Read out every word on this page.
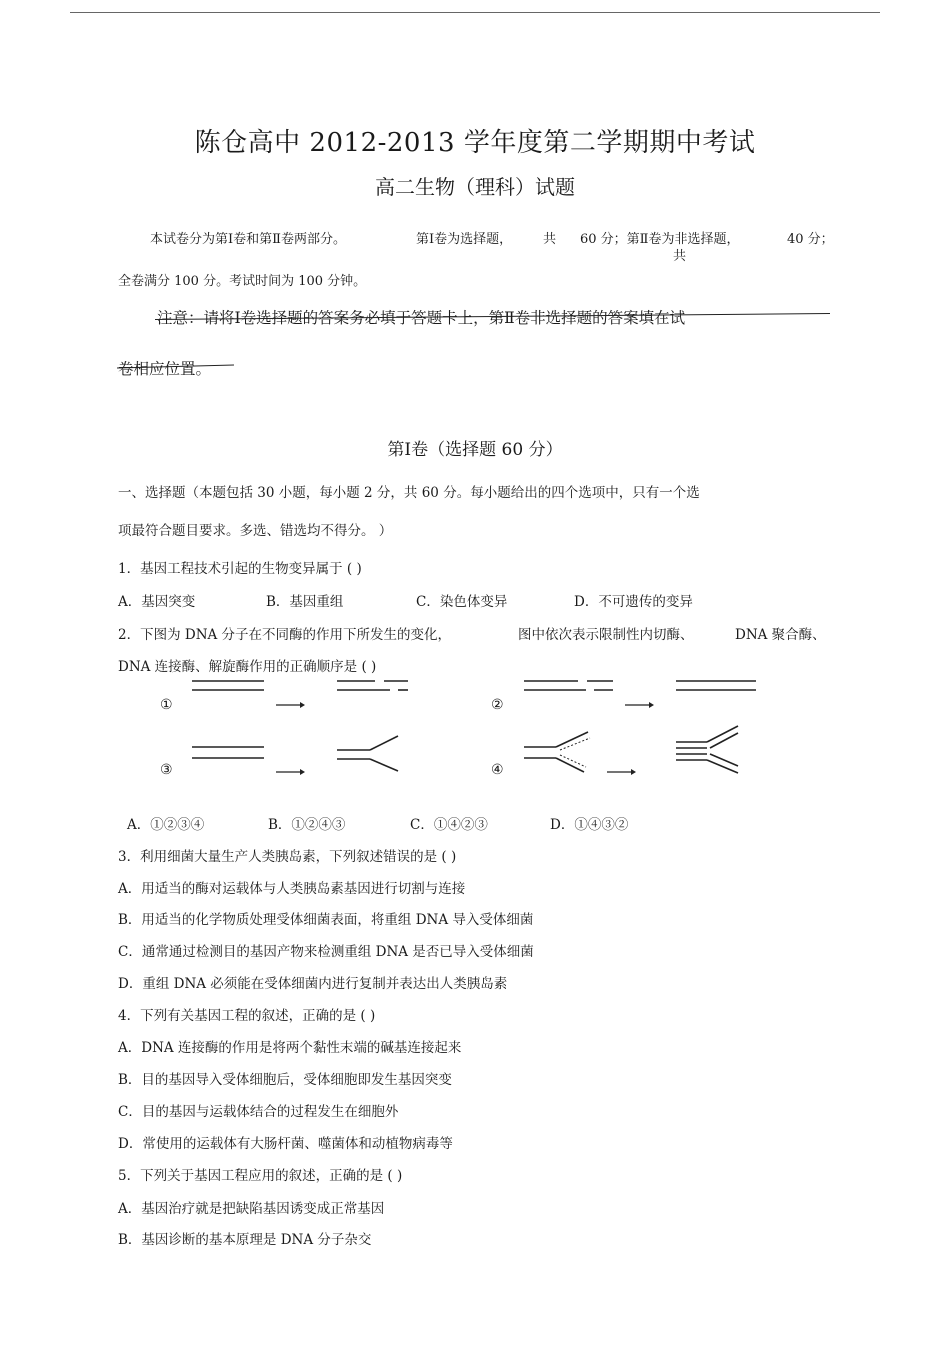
陈仓高中 2012-2013 学年度第二学期期中考试
高二生物（理科）试题
本试卷分为第Ⅰ卷和第Ⅱ卷两部分。	第Ⅰ卷为选择题， 共 60 分；第Ⅱ卷为非选择题，	40 分；
共
全卷满分 100 分。考试时间为 100 分钟。
注意：请将Ⅰ卷选择题的答案务必填于答题卡上，第Ⅱ卷非选择题的答案填在试
卷相应位置。
第Ⅰ卷（选择题 60 分）
一、选择题（本题包括 30 小题，每小题 2 分，共 60 分。每小题给出的四个选项中，只有一个选
项最符合题目要求。多选、错选均不得分。 ）
1．基因工程技术引起的生物变异属于 ( )
A．基因突变	B．基因重组	C．染色体变异	D．不可遗传的变异
2．下图为 DNA 分子在不同酶的作用下所发生的变化，	图中依次表示限制性内切酶、	DNA 聚合酶、
DNA 连接酶、解旋酶作用的正确顺序是 ( )
①	②
③	④
A．①②③④	B．①②④③	C．①④②③	D．①④③②
3．利用细菌大量生产人类胰岛素，下列叙述错误的是 ( )
A．用适当的酶对运载体与人类胰岛素基因进行切割与连接
B．用适当的化学物质处理受体细菌表面，将重组 DNA 导入受体细菌
C．通常通过检测目的基因产物来检测重组 DNA 是否已导入受体细菌
D．重组 DNA 必须能在受体细菌内进行复制并表达出人类胰岛素
4．下列有关基因工程的叙述，正确的是 ( )
A．DNA 连接酶的作用是将两个黏性末端的碱基连接起来
B．目的基因导入受体细胞后，受体细胞即发生基因突变
C．目的基因与运载体结合的过程发生在细胞外
D．常使用的运载体有大肠杆菌、噬菌体和动植物病毒等
5．下列关于基因工程应用的叙述，正确的是 ( )
A．基因治疗就是把缺陷基因诱变成正常基因
B．基因诊断的基本原理是 DNA 分子杂交
